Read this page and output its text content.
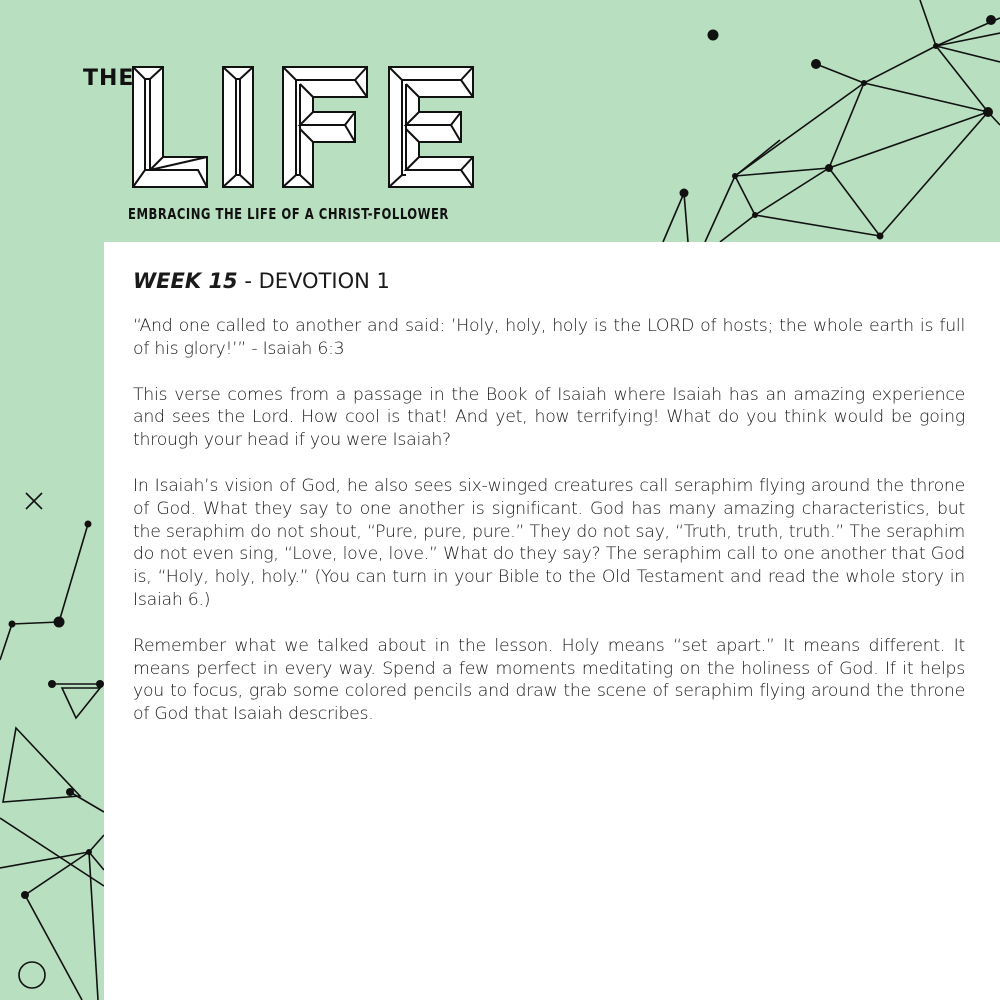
THE
EMBRACING THE LIFE OF A CHRIST-FOLLOWER
WEEK 15 - DEVOTION 1

“And one called to another and said: ’Holy, holy, holy is the LORD of hosts; the whole earth is full of his glory!’” - Isaiah 6:3

This verse comes from a passage in the Book of Isaiah where Isaiah has an amazing experience and sees the Lord. How cool is that! And yet, how terrifying! What do you think would be going through your head if you were Isaiah?

In Isaiah’s vision of God, he also sees six-winged creatures call seraphim flying around the throne of God. What they say to one another is significant. God has many amazing characteristics, but the seraphim do not shout, “Pure, pure, pure.” They do not say, “Truth, truth, truth.” The seraphim do not even sing, “Love, love, love.” What do they say? The seraphim call to one another that God is, “Holy, holy, holy.” (You can turn in your Bible to the Old Testament and read the whole story in Isaiah 6.)

Remember what we talked about in the lesson. Holy means “set apart.” It means different. It means perfect in every way. Spend a few moments meditating on the holiness of God. If it helps you to focus, grab some colored pencils and draw the scene of seraphim flying around the throne of God that Isaiah describes.
